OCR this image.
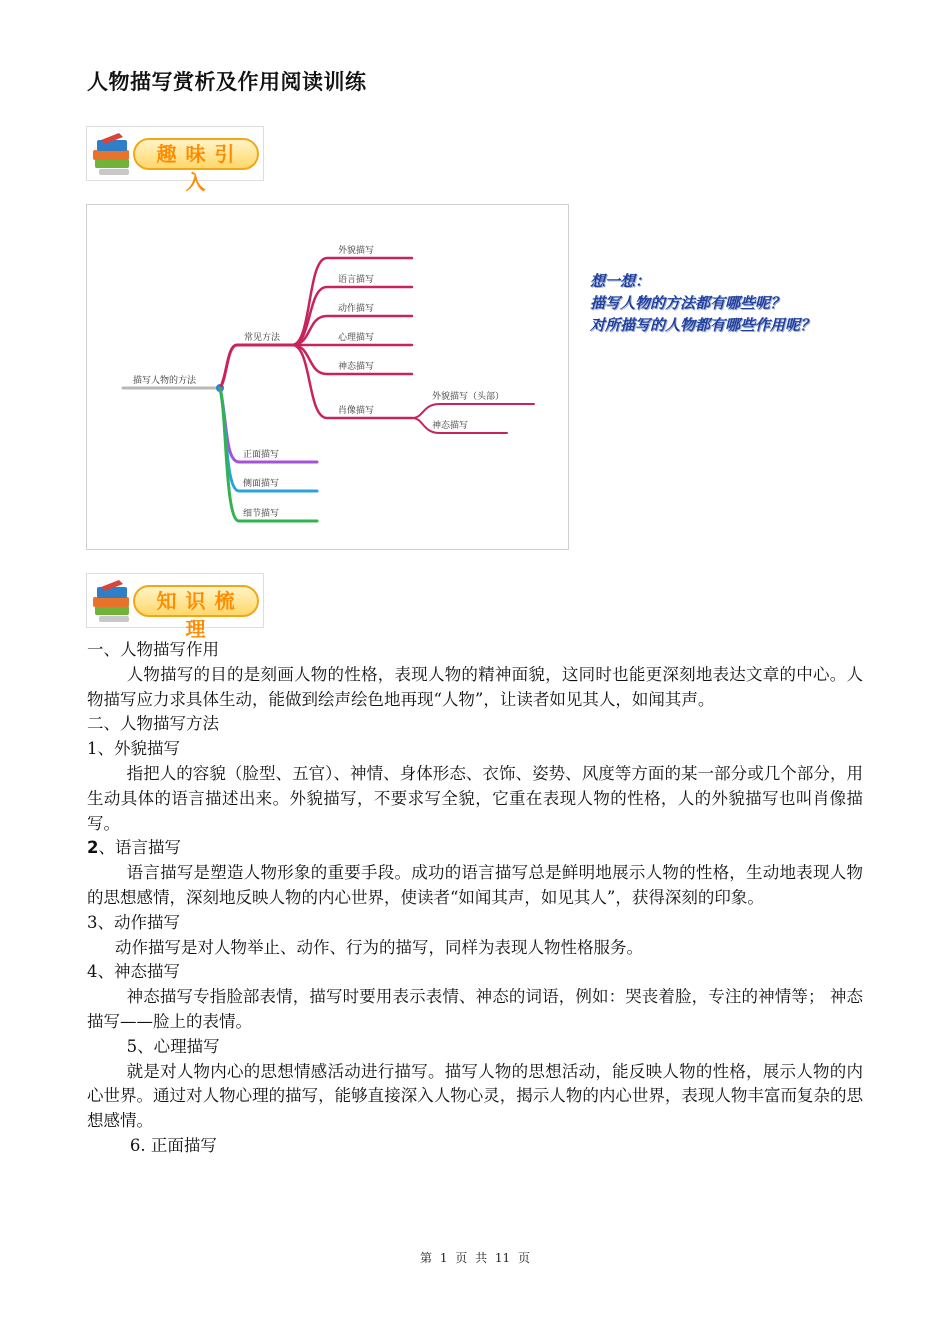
人物描写赏析及作用阅读训练
趣味引入
描写人物的方法
常见方法
外貌描写
语言描写
动作描写
心理描写
神态描写
肖像描写
外貌描写（头部）
神态描写
正面描写
侧面描写
细节描写
想一想：
描写人物的方法都有哪些呢？
对所描写的人物都有哪些作用呢？
知识梳理

一、人物描写作用

人物描写的目的是刻画人物的性格，表现人物的精神面貌，这同时也能更深刻地表达文章的中心。人物描写应力求具体生动，能做到绘声绘色地再现“人物”，让读者如见其人，如闻其声。

二、人物描写方法

1、外貌描写

指把人的容貌（脸型、五官）、神情、身体形态、衣饰、姿势、风度等方面的某一部分或几个部分，用生动具体的语言描述出来。外貌描写，不要求写全貌，它重在表现人物的性格，人的外貌描写也叫肖像描写。

2、语言描写

语言描写是塑造人物形象的重要手段。成功的语言描写总是鲜明地展示人物的性格，生动地表现人物的思想感情，深刻地反映人物的内心世界，使读者“如闻其声，如见其人”，获得深刻的印象。

3、动作描写

动作描写是对人物举止、动作、行为的描写，同样为表现人物性格服务。

4、神态描写

神态描写专指脸部表情，描写时要用表示表情、神态的词语，例如：哭丧着脸，专注的神情等； 神态描写——脸上的表情。

5、心理描写

就是对人物内心的思想情感活动进行描写。描写人物的思想活动，能反映人物的性格，展示人物的内心世界。通过对人物心理的描写，能够直接深入人物心灵，揭示人物的内心世界，表现人物丰富而复杂的思想感情。

6. 正面描写

第 1 页 共 11 页
